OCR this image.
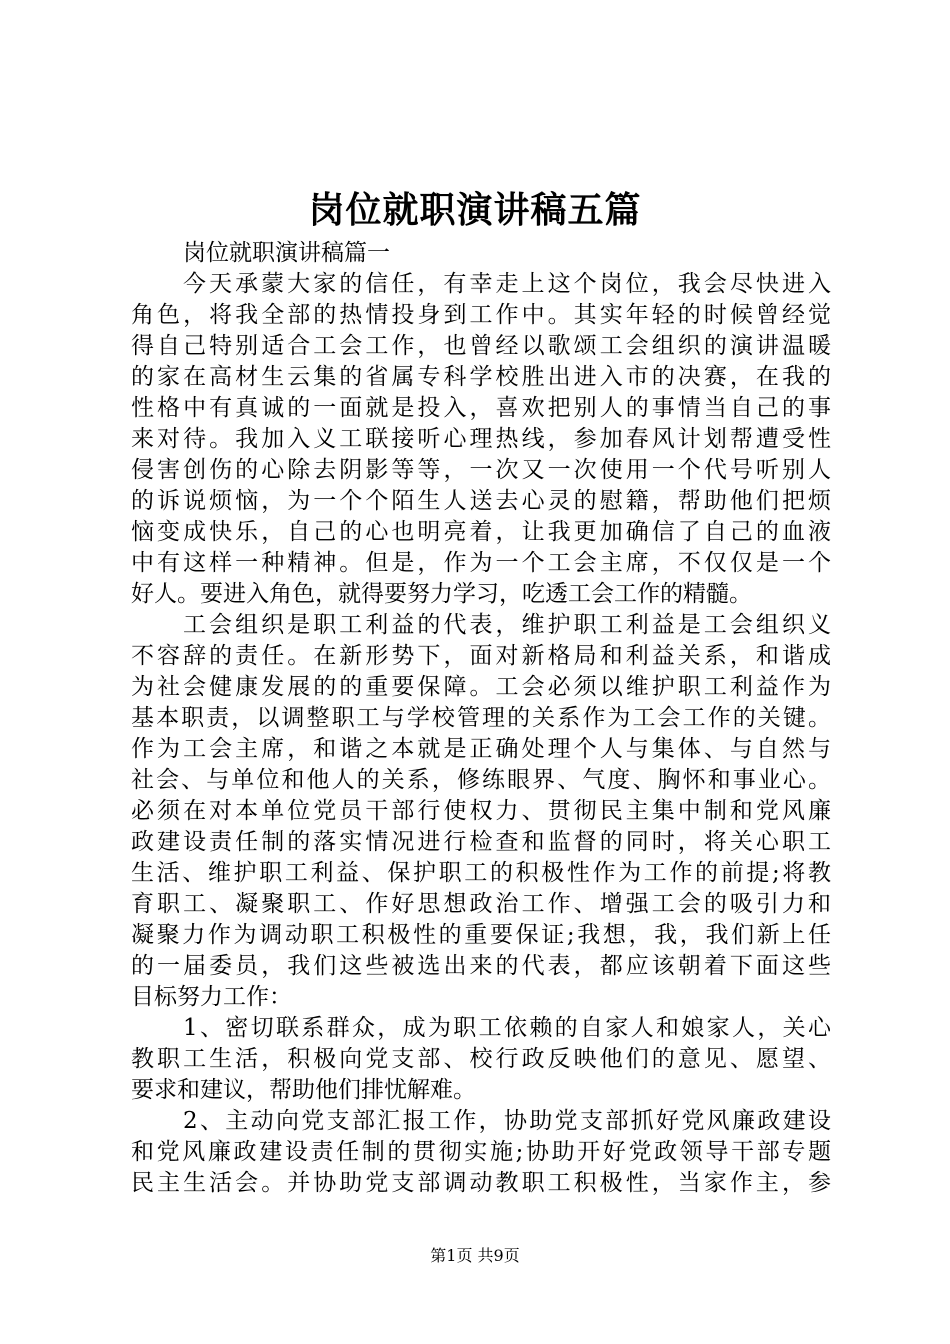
岗位就职演讲稿五篇
岗位就职演讲稿篇一
今天承蒙大家的信任，有幸走上这个岗位，我会尽快进入
角色，将我全部的热情投身到工作中。其实年轻的时候曾经觉
得自己特别适合工会工作，也曾经以歌颂工会组织的演讲温暖
的家在高材生云集的省属专科学校胜出进入市的决赛，在我的
性格中有真诚的一面就是投入，喜欢把别人的事情当自己的事
来对待。我加入义工联接听心理热线，参加春风计划帮遭受性
侵害创伤的心除去阴影等等，一次又一次使用一个代号听别人
的诉说烦恼，为一个个陌生人送去心灵的慰籍，帮助他们把烦
恼变成快乐，自己的心也明亮着，让我更加确信了自己的血液
中有这样一种精神。但是，作为一个工会主席，不仅仅是一个
好人。要进入角色，就得要努力学习，吃透工会工作的精髓。
工会组织是职工利益的代表，维护职工利益是工会组织义
不容辞的责任。在新形势下，面对新格局和利益关系，和谐成
为社会健康发展的的重要保障。工会必须以维护职工利益作为
基本职责，以调整职工与学校管理的关系作为工会工作的关键。
作为工会主席，和谐之本就是正确处理个人与集体、与自然与
社会、与单位和他人的关系，修练眼界、气度、胸怀和事业心。
必须在对本单位党员干部行使权力、贯彻民主集中制和党风廉
政建设责任制的落实情况进行检查和监督的同时，将关心职工
生活、维护职工利益、保护职工的积极性作为工作的前提;将教
育职工、凝聚职工、作好思想政治工作、增强工会的吸引力和
凝聚力作为调动职工积极性的重要保证;我想，我，我们新上任
的一届委员，我们这些被选出来的代表，都应该朝着下面这些
目标努力工作：
1、密切联系群众，成为职工依赖的自家人和娘家人，关心
教职工生活，积极向党支部、校行政反映他们的意见、愿望、
要求和建议，帮助他们排忧解难。
2、主动向党支部汇报工作，协助党支部抓好党风廉政建设
和党风廉政建设责任制的贯彻实施;协助开好党政领导干部专题
民主生活会。并协助党支部调动教职工积极性，当家作主，参
第1页 共9页
